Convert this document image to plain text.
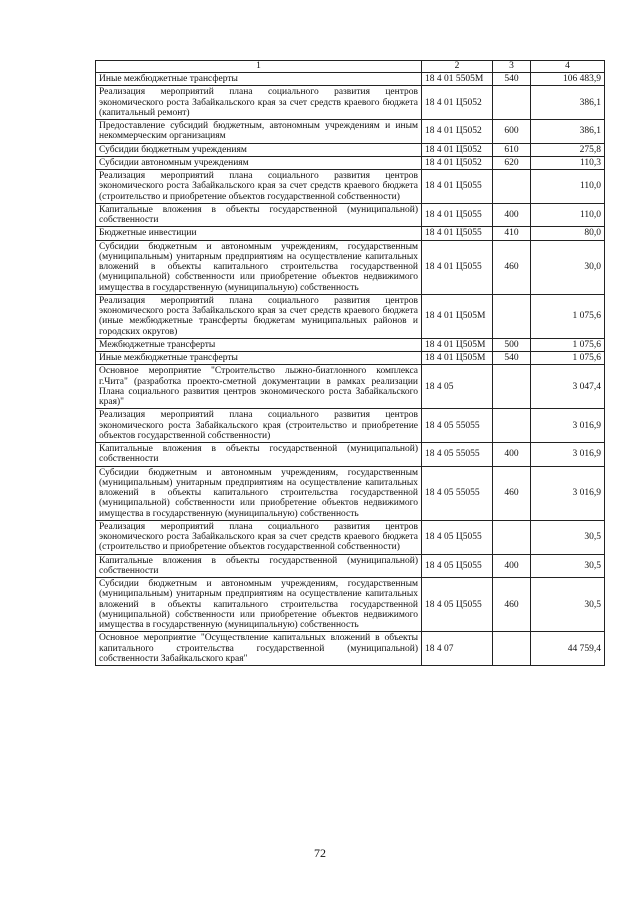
1	2	3	4
Иные межбюджетные трансферты	18 4 01 5505М	540	106 483,9
Реализация мероприятий плана социального развития центров экономического роста Забайкальского края за счет средств краевого бюджета (капитальный ремонт)	18 4 01 Ц5052		386,1
Предоставление субсидий бюджетным, автономным учреждениям и иным некоммерческим организациям	18 4 01 Ц5052	600	386,1
Субсидии бюджетным учреждениям	18 4 01 Ц5052	610	275,8
Субсидии автономным учреждениям	18 4 01 Ц5052	620	110,3
Реализация мероприятий плана социального развития центров экономического роста Забайкальского края за счет средств краевого бюджета (строительство и приобретение объектов государственной собственности)	18 4 01 Ц5055		110,0
Капитальные вложения в объекты государственной (муниципальной) собственности	18 4 01 Ц5055	400	110,0
Бюджетные инвестиции	18 4 01 Ц5055	410	80,0
Субсидии бюджетным и автономным учреждениям, государственным (муниципальным) унитарным предприятиям на осуществление капитальных вложений в объекты капитального строительства государственной (муниципальной) собственности или приобретение объектов недвижимого имущества в государственную (муниципальную) собственность	18 4 01 Ц5055	460	30,0
Реализация мероприятий плана социального развития центров экономического роста Забайкальского края за счет средств краевого бюджета (иные межбюджетные трансферты бюджетам муниципальных районов и городских округов)	18 4 01 Ц505М		1 075,6
Межбюджетные трансферты	18 4 01 Ц505М	500	1 075,6
Иные межбюджетные трансферты	18 4 01 Ц505М	540	1 075,6
Основное мероприятие "Строительство лыжно-биатлонного комплекса г.Чита" (разработка проекто-сметной документации в рамках реализации Плана социального развития центров экономического роста Забайкальского края)"	18 4 05		3 047,4
Реализация мероприятий плана социального развития центров экономического роста Забайкальского края (строительство и приобретение объектов государственной собственности)	18 4 05 55055		3 016,9
Капитальные вложения в объекты государственной (муниципальной) собственности	18 4 05 55055	400	3 016,9
Субсидии бюджетным и автономным учреждениям, государственным (муниципальным) унитарным предприятиям на осуществление капитальных вложений в объекты капитального строительства государственной (муниципальной) собственности или приобретение объектов недвижимого имущества в государственную (муниципальную) собственность	18 4 05 55055	460	3 016,9
Реализация мероприятий плана социального развития центров экономического роста Забайкальского края за счет средств краевого бюджета (строительство и приобретение объектов государственной собственности)	18 4 05 Ц5055		30,5
Капитальные вложения в объекты государственной (муниципальной) собственности	18 4 05 Ц5055	400	30,5
Субсидии бюджетным и автономным учреждениям, государственным (муниципальным) унитарным предприятиям на осуществление капитальных вложений в объекты капитального строительства государственной (муниципальной) собственности или приобретение объектов недвижимого имущества в государственную (муниципальную) собственность	18 4 05 Ц5055	460	30,5
Основное мероприятие "Осуществление капитальных вложений в объекты капитального строительства государственной (муниципальной) собственности Забайкальского края"	18 4 07		44 759,4
72
